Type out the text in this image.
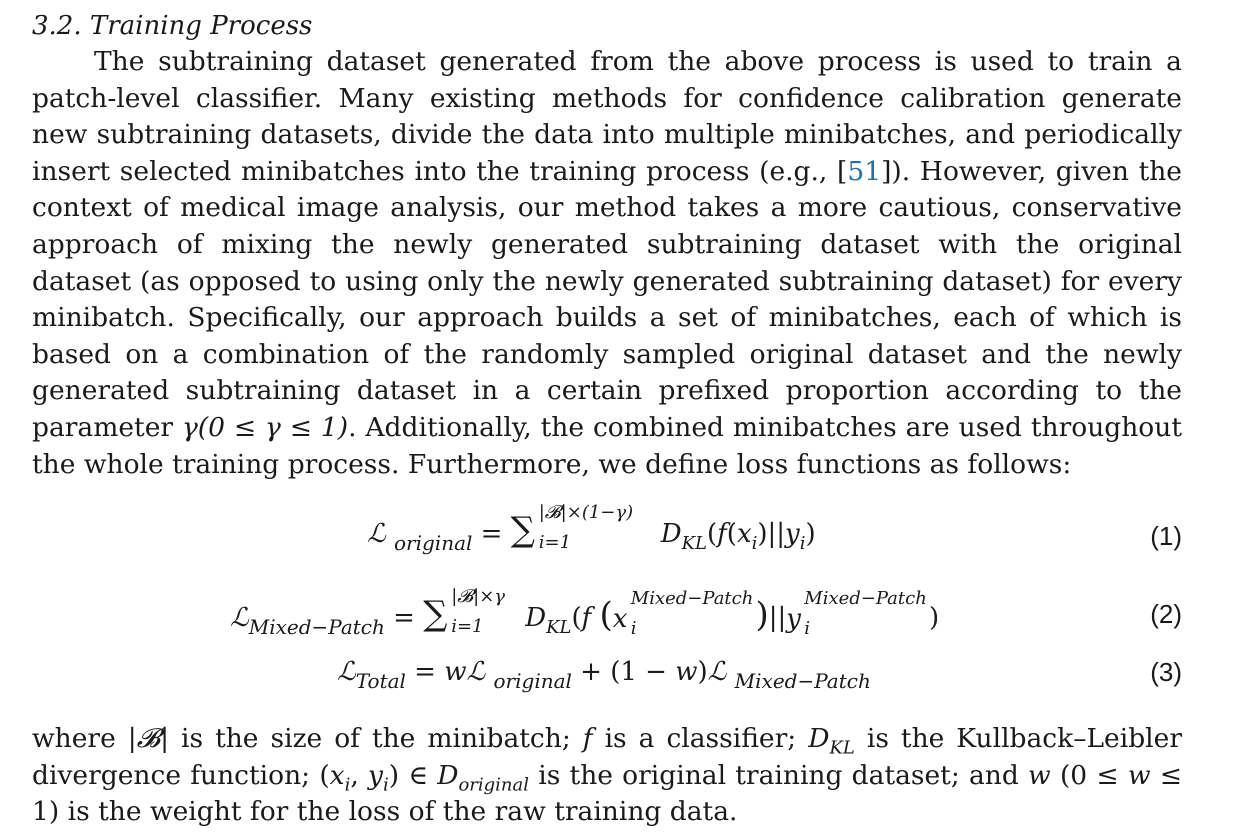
3.2. Training Process

The subtraining dataset generated from the above process is used to train a patch-level classifier. Many existing methods for confidence calibration generate new subtraining datasets, divide the data into multiple minibatches, and periodically insert selected minibatches into the training process (e.g., [51]). However, given the context of medical image analysis, our method takes a more cautious, conservative approach of mixing the newly generated subtraining dataset with the original dataset (as opposed to using only the newly generated subtraining dataset) for every minibatch. Specifically, our approach builds a set of minibatches, each of which is based on a combination of the randomly sampled original dataset and the newly generated subtraining dataset in a certain prefixed proportion according to the parameter γ(0 ≤ γ ≤ 1). Additionally, the combined minibatches are used throughout the whole training process. Furthermore, we define loss functions as follows:

ℒ $_{original}$ = ∑ |𝓑|×(1−γ)
i=1	$D_{KL}(f(x_i)||y_i)$	(1)
ℒ$_{Mixed-Patch}$ = ∑ |𝓑|×γ
i=1 $D_{KL}(f$ (x
Mixed−Patch
i	)||y
Mixed−Patch
i	)	(2)
ℒ$_{Total}$ = wℒ $_{original}$ + (1 − w)ℒ $_{Mixed-Patch}$	(3)

where |𝓑| is the size of the minibatch; f is a classifier; $D_{KL}$ is the Kullback–Leibler divergence function; ($x_i$, $y_i$) ∈ $D_{original}$ is the original training dataset; and w (0 ≤ w ≤ 1) is the weight for the loss of the raw training data.
